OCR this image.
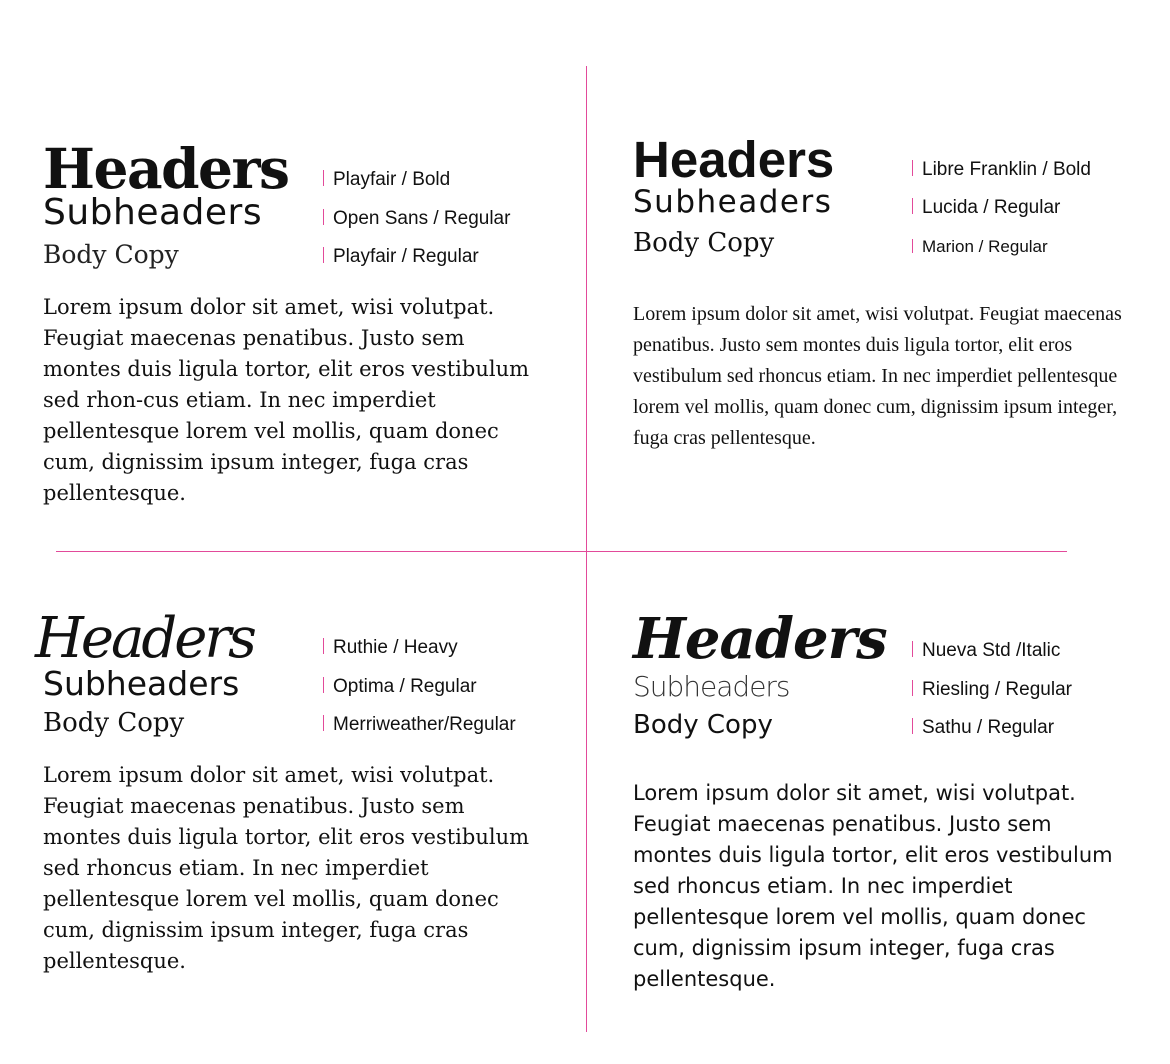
Headers
Subheaders
Body Copy
Playfair / Bold
Open Sans / Regular
Playfair / Regular

Lorem ipsum dolor sit amet, wisi volutpat. Feugiat maecenas penatibus. Justo sem montes duis ligula tortor, elit eros vestibulum sed rhon-cus etiam. In nec imperdiet pellentesque lorem vel mollis, quam donec cum, dignissim ipsum integer, fuga cras pellentesque.

Headers
Subheaders
Body Copy
Libre Franklin / Bold
Lucida / Regular
Marion / Regular

Lorem ipsum dolor sit amet, wisi volutpat. Feugiat maecenas penatibus. Justo sem montes duis ligula tortor, elit eros vestibulum sed rhoncus etiam. In nec imperdiet pellentesque lorem vel mollis, quam donec cum, dignissim ipsum integer, fuga cras pellentesque.

Headers
Subheaders
Body Copy
Ruthie / Heavy
Optima / Regular
Merriweather/Regular

Lorem ipsum dolor sit amet, wisi volutpat. Feugiat maecenas penatibus. Justo sem montes duis ligula tortor, elit eros vestibulum sed rhoncus etiam. In nec imperdiet pellentesque lorem vel mollis, quam donec cum, dignissim ipsum integer, fuga cras pellentesque.

Headers
Subheaders
Body Copy
Nueva Std /Italic
Riesling / Regular
Sathu / Regular

Lorem ipsum dolor sit amet, wisi volutpat. Feugiat maecenas penatibus. Justo sem montes duis ligula tortor, elit eros vestibulum sed rhoncus etiam. In nec imperdiet pellentesque lorem vel mollis, quam donec cum, dignissim ipsum integer, fuga cras pellentesque.
